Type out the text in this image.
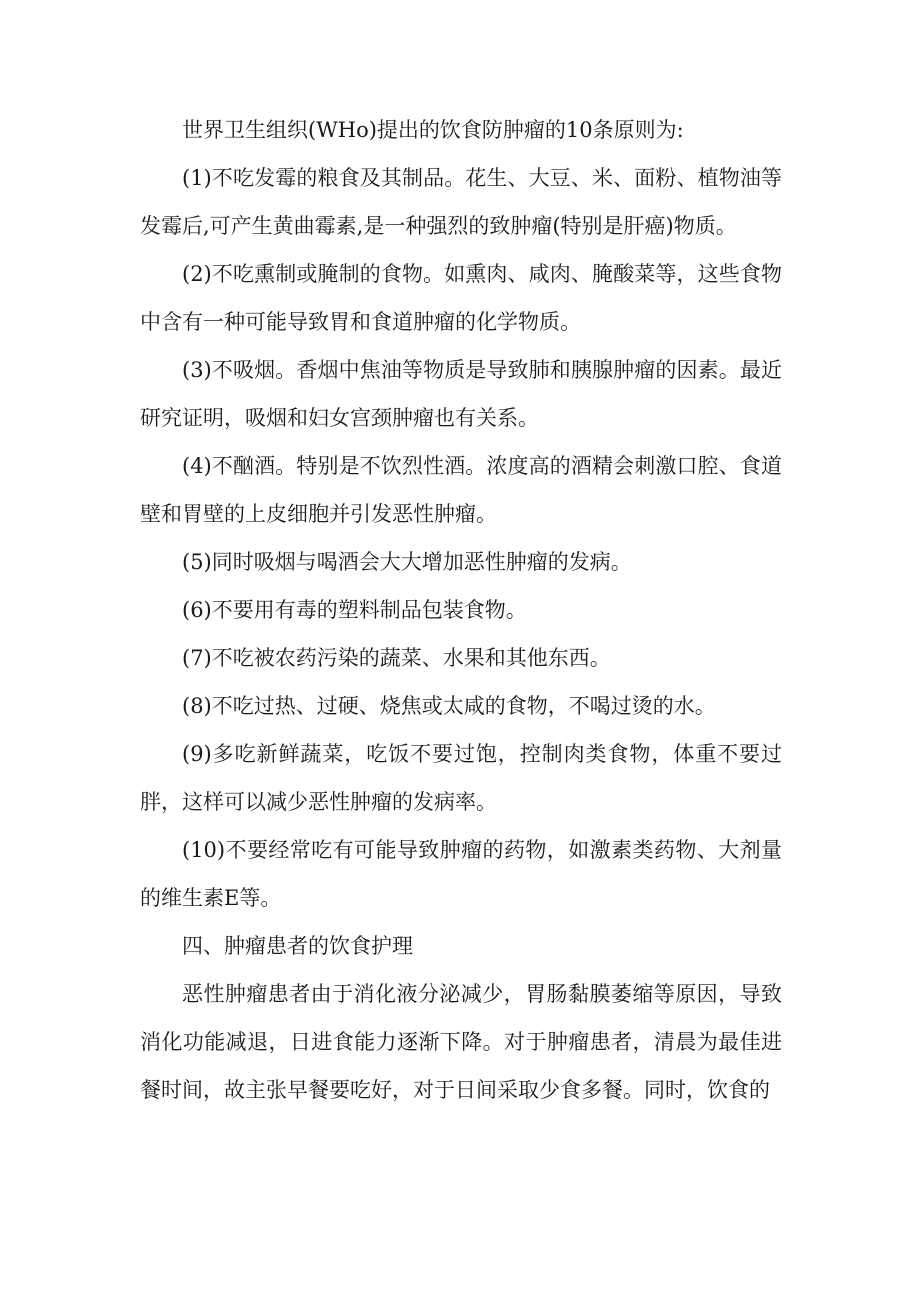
世界卫生组织(WHo)提出的饮食防肿瘤的10条原则为:

(1)不吃发霉的粮食及其制品。花生、大豆、米、面粉、植物油等发霉后,可产生黄曲霉素,是一种强烈的致肿瘤(特别是肝癌)物质。

(2)不吃熏制或腌制的食物。如熏肉、咸肉、腌酸菜等，这些食物中含有一种可能导致胃和食道肿瘤的化学物质。

(3)不吸烟。香烟中焦油等物质是导致肺和胰腺肿瘤的因素。最近研究证明，吸烟和妇女宫颈肿瘤也有关系。

(4)不酗酒。特别是不饮烈性酒。浓度高的酒精会刺激口腔、食道壁和胃壁的上皮细胞并引发恶性肿瘤。

(5)同时吸烟与喝酒会大大增加恶性肿瘤的发病。

(6)不要用有毒的塑料制品包装食物。

(7)不吃被农药污染的蔬菜、水果和其他东西。

(8)不吃过热、过硬、烧焦或太咸的食物，不喝过烫的水。

(9)多吃新鲜蔬菜，吃饭不要过饱，控制肉类食物，体重不要过胖，这样可以减少恶性肿瘤的发病率。

(10)不要经常吃有可能导致肿瘤的药物，如激素类药物、大剂量的维生素E等。

四、肿瘤患者的饮食护理

恶性肿瘤患者由于消化液分泌减少，胃肠黏膜萎缩等原因，导致消化功能减退，日进食能力逐渐下降。对于肿瘤患者，清晨为最佳进餐时间，故主张早餐要吃好，对于日间采取少食多餐。同时，饮食的
